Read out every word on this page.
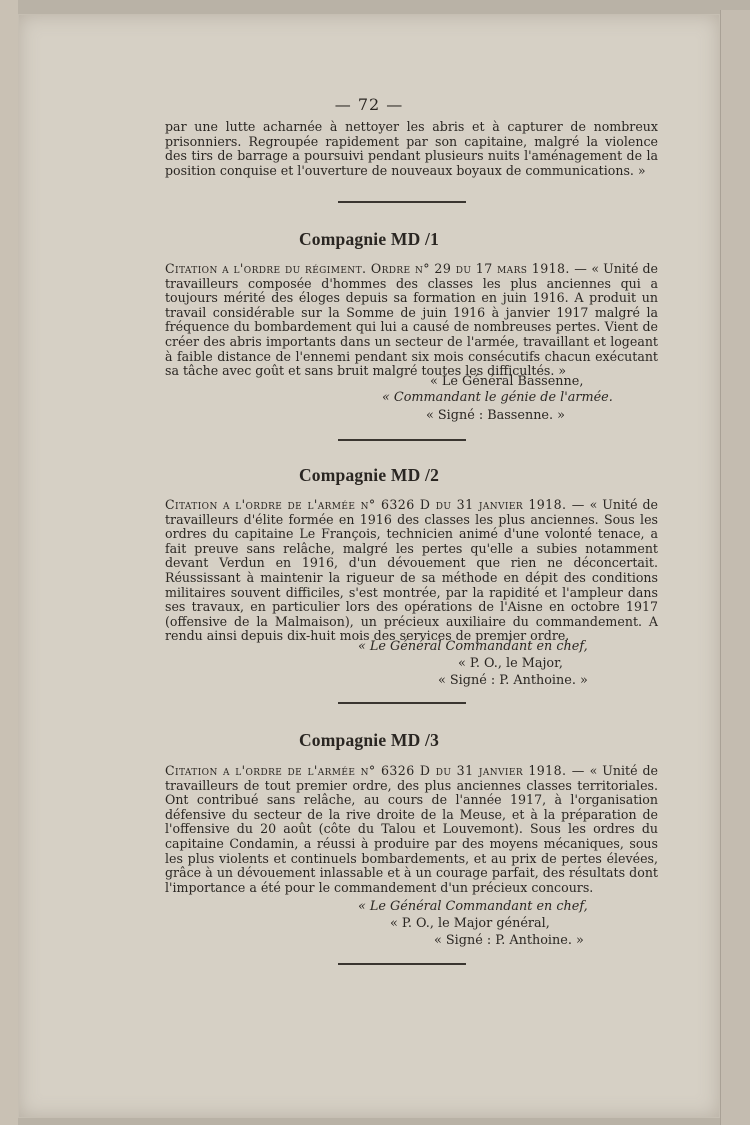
— 72 —

par une lutte acharnée à nettoyer les abris et à capturer de nombreux prisonniers. Regroupée rapidement par son capitaine, malgré la violence des tirs de barrage a poursuivi pendant plusieurs nuits l'aménagement de la position conquise et l'ouverture de nouveaux boyaux de communications. »

Compagnie MD /1

Citation a l'ordre du régiment. Ordre n° 29 du 17 mars 1918. — « Unité de travailleurs composée d'hommes des classes les plus anciennes qui a toujours mérité des éloges depuis sa formation en juin 1916. A produit un travail considérable sur la Somme de juin 1916 à janvier 1917 malgré la fréquence du bombardement qui lui a causé de nombreuses pertes. Vient de créer des abris importants dans un secteur de l'armée, travaillant et logeant à faible distance de l'ennemi pendant six mois consécutifs chacun exécutant sa tâche avec goût et sans bruit malgré toutes les difficultés. »

« Le Général Bassenne,
« Commandant le génie de l'armée.
« Signé : Bassenne. »
Compagnie MD /2

Citation a l'ordre de l'armée n° 6326 D du 31 janvier 1918. — « Unité de travailleurs d'élite formée en 1916 des classes les plus anciennes. Sous les ordres du capitaine Le François, technicien animé d'une volonté tenace, a fait preuve sans relâche, malgré les pertes qu'elle a subies notamment devant Verdun en 1916, d'un dévouement que rien ne déconcertait. Réussissant à maintenir la rigueur de sa méthode en dépit des conditions militaires souvent difficiles, s'est montrée, par la rapidité et l'ampleur dans ses travaux, en particulier lors des opérations de l'Aisne en octobre 1917 (offensive de la Malmaison), un précieux auxiliaire du commandement. A rendu ainsi depuis dix-huit mois des services de premier ordre.

« Le Général Commandant en chef,
« P. O., le Major,
« Signé : P. Anthoine. »
Compagnie MD /3

Citation a l'ordre de l'armée n° 6326 D du 31 janvier 1918. — « Unité de travailleurs de tout premier ordre, des plus anciennes classes territoriales. Ont contribué sans relâche, au cours de l'année 1917, à l'organisation défensive du secteur de la rive droite de la Meuse, et à la préparation de l'offensive du 20 août (côte du Talou et Louvemont). Sous les ordres du capitaine Condamin, a réussi à produire par des moyens mécaniques, sous les plus violents et continuels bombardements, et au prix de pertes élevées, grâce à un dévouement inlassable et à un courage parfait, des résultats dont l'importance a été pour le commandement d'un précieux concours.

« Le Général Commandant en chef,
« P. O., le Major général,
« Signé : P. Anthoine. »
